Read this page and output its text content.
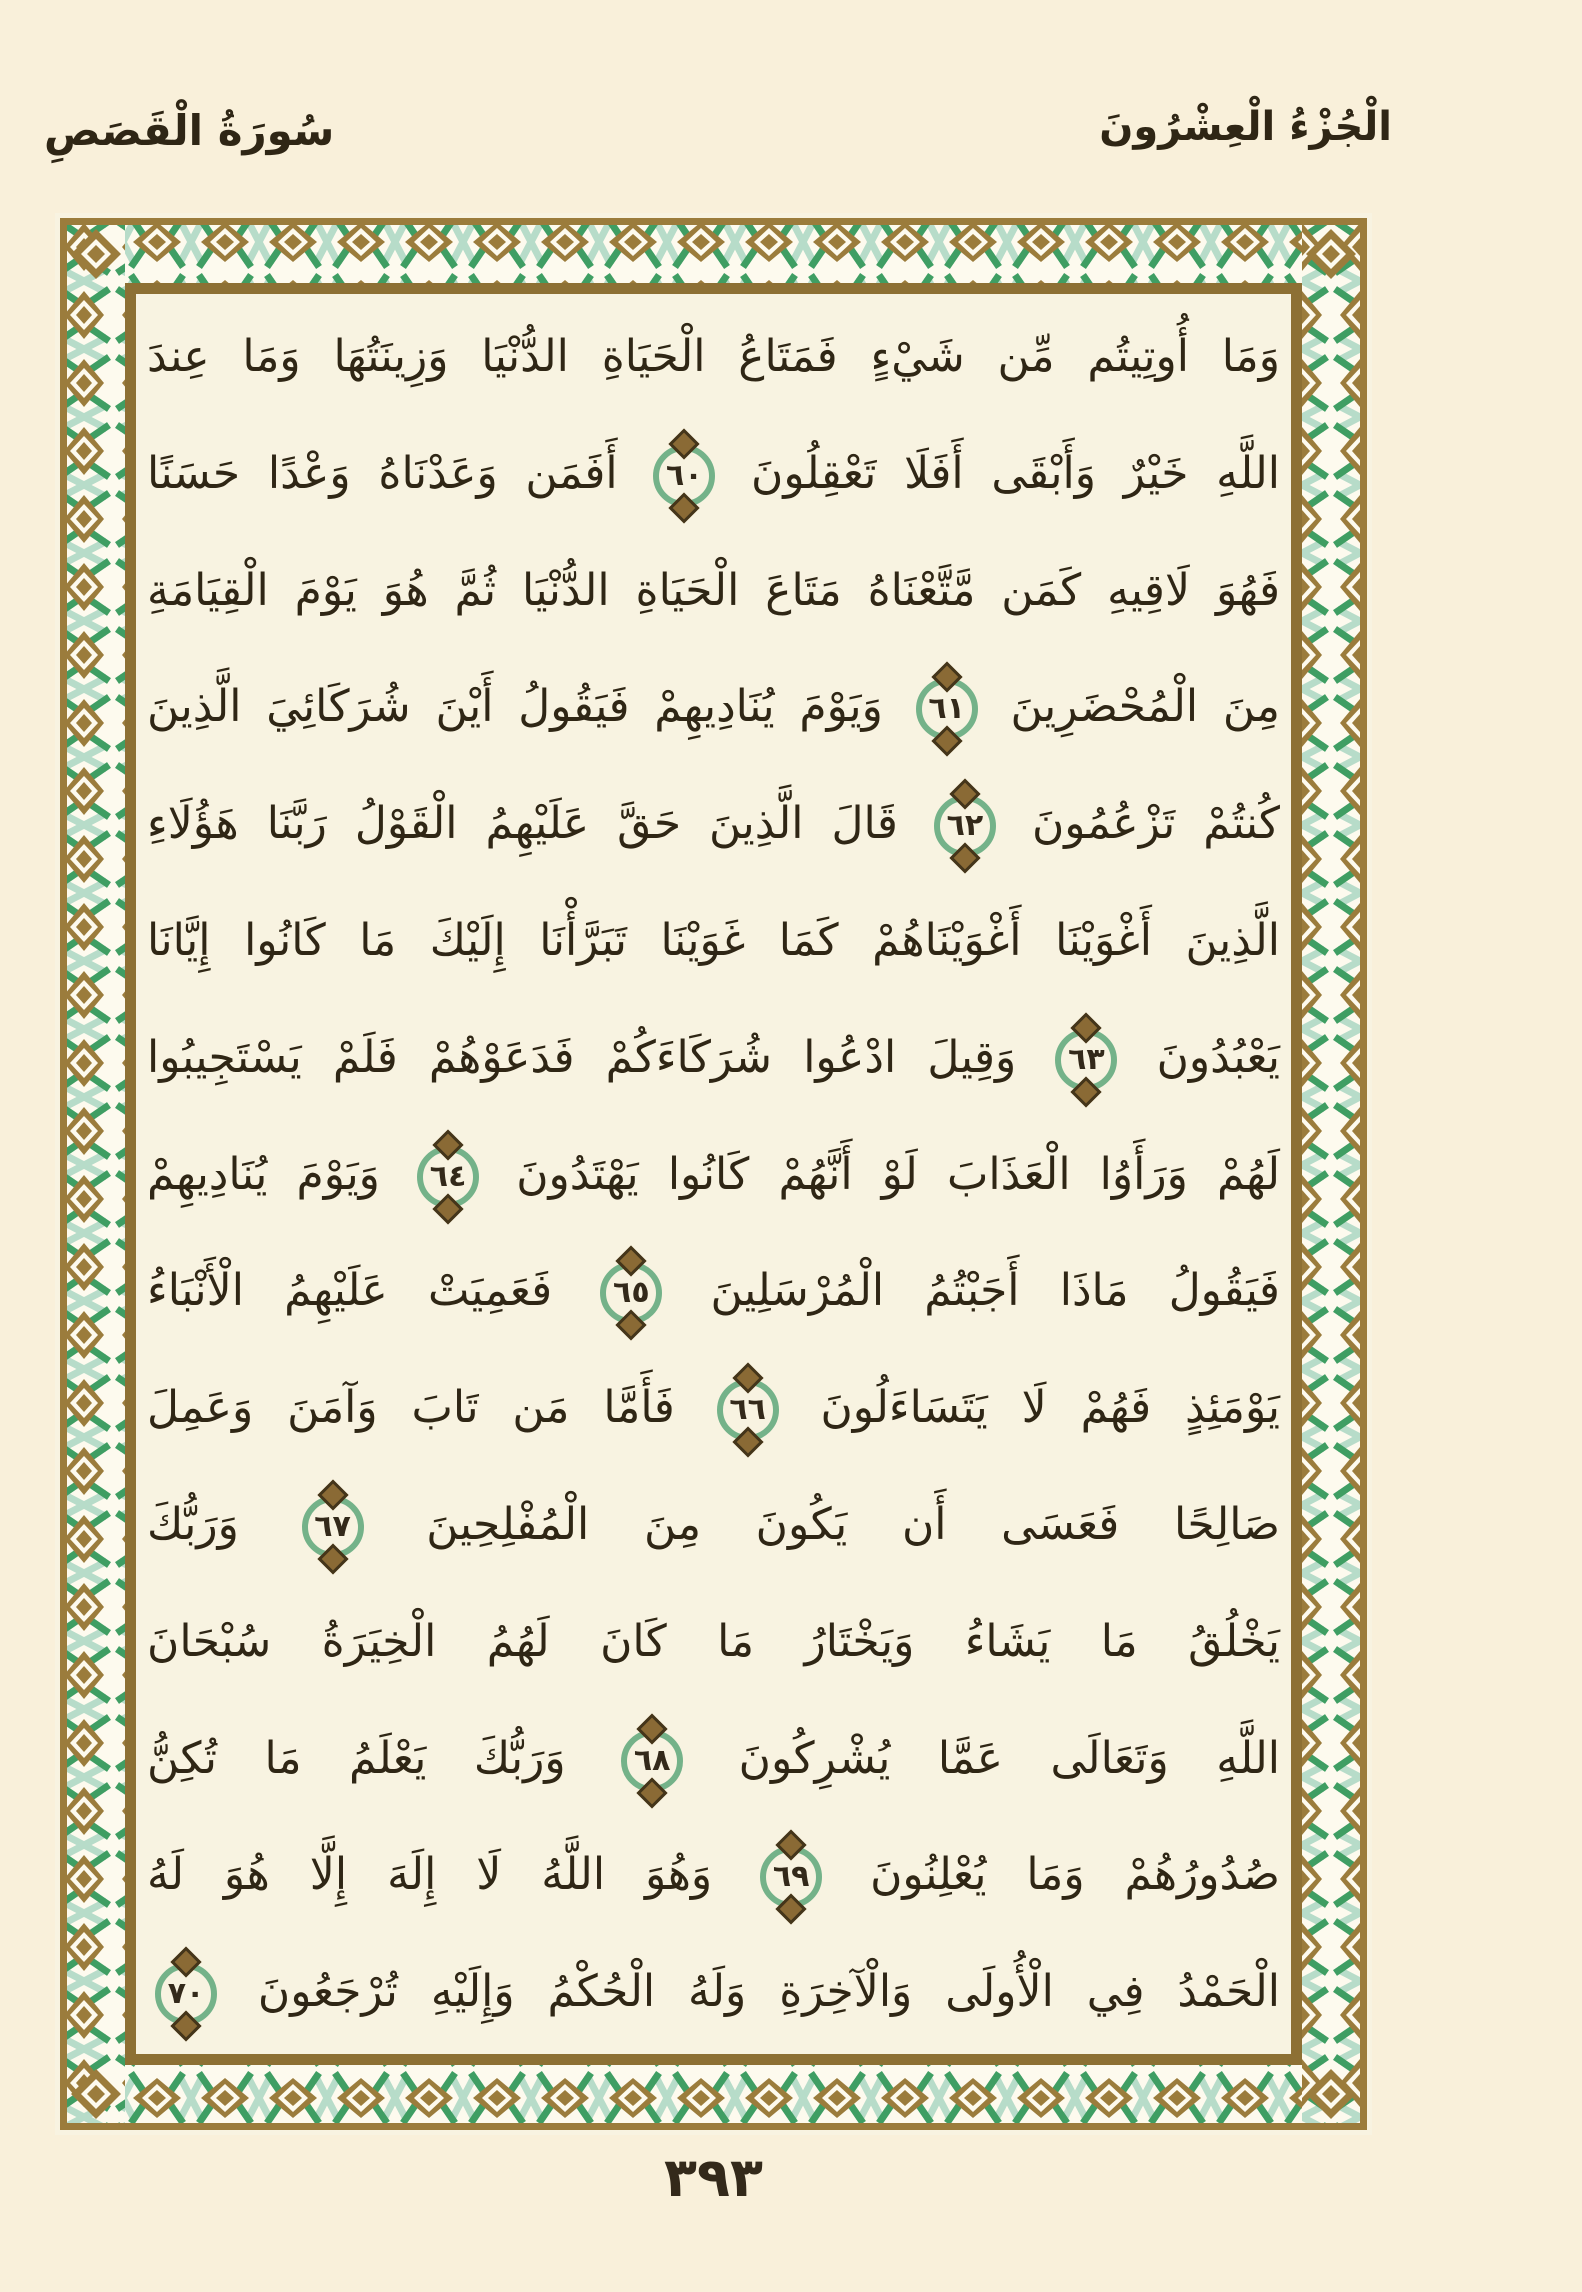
سُورَةُ الْقَصَصِ	الْجُزْءُ الْعِشْرُونَ
وَمَا أُوتِيتُم مِّن شَيْءٍ فَمَتَاعُ الْحَيَاةِ الدُّنْيَا وَزِينَتُهَا وَمَا عِندَ
اللَّهِ خَيْرٌ وَأَبْقَى أَفَلَا تَعْقِلُونَ
٦٠
أَفَمَن وَعَدْنَاهُ وَعْدًا حَسَنًا
فَهُوَ لَاقِيهِ كَمَن مَّتَّعْنَاهُ مَتَاعَ الْحَيَاةِ الدُّنْيَا ثُمَّ هُوَ يَوْمَ الْقِيَامَةِ
مِنَ الْمُحْضَرِينَ
٦١
وَيَوْمَ يُنَادِيهِمْ فَيَقُولُ أَيْنَ شُرَكَائِيَ الَّذِينَ
كُنتُمْ تَزْعُمُونَ
٦٢
قَالَ الَّذِينَ حَقَّ عَلَيْهِمُ الْقَوْلُ رَبَّنَا هَؤُلَاءِ
الَّذِينَ أَغْوَيْنَا أَغْوَيْنَاهُمْ كَمَا غَوَيْنَا تَبَرَّأْنَا إِلَيْكَ مَا كَانُوا إِيَّانَا
يَعْبُدُونَ
٦٣
وَقِيلَ ادْعُوا شُرَكَاءَكُمْ فَدَعَوْهُمْ فَلَمْ يَسْتَجِيبُوا
لَهُمْ وَرَأَوُا الْعَذَابَ لَوْ أَنَّهُمْ كَانُوا يَهْتَدُونَ
٦٤
وَيَوْمَ يُنَادِيهِمْ
فَيَقُولُ مَاذَا أَجَبْتُمُ الْمُرْسَلِينَ
٦٥
فَعَمِيَتْ عَلَيْهِمُ الْأَنْبَاءُ
يَوْمَئِذٍ فَهُمْ لَا يَتَسَاءَلُونَ
٦٦
فَأَمَّا مَن تَابَ وَآمَنَ وَعَمِلَ
صَالِحًا فَعَسَى أَن يَكُونَ مِنَ الْمُفْلِحِينَ
٦٧
وَرَبُّكَ
يَخْلُقُ مَا يَشَاءُ وَيَخْتَارُ مَا كَانَ لَهُمُ الْخِيَرَةُ سُبْحَانَ
اللَّهِ وَتَعَالَى عَمَّا يُشْرِكُونَ
٦٨
وَرَبُّكَ يَعْلَمُ مَا تُكِنُّ
صُدُورُهُمْ وَمَا يُعْلِنُونَ
٦٩
وَهُوَ اللَّهُ لَا إِلَهَ إِلَّا هُوَ لَهُ
الْحَمْدُ فِي الْأُولَى وَالْآخِرَةِ وَلَهُ الْحُكْمُ وَإِلَيْهِ تُرْجَعُونَ
٧٠
٣٩٣
